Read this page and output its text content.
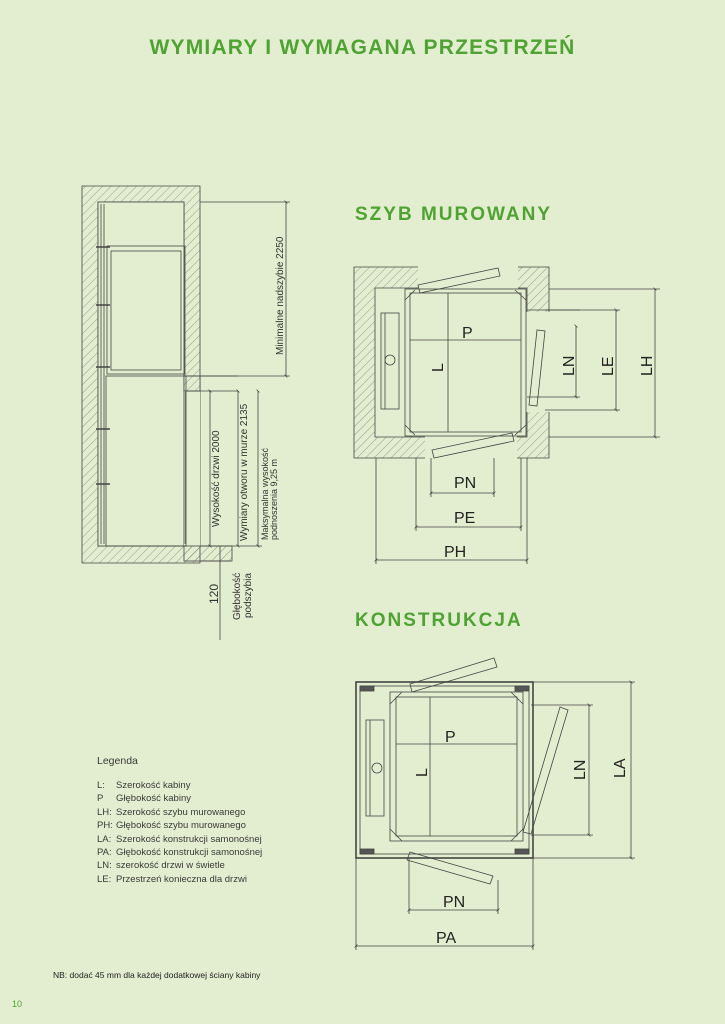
WYMIARY I WYMAGANA PRZESTRZEŃ
SZYB MUROWANY
KONSTRUKCJA
Minimalne nadszybie 2250
Wysokość drzwi 2000 Wymiary otworu w murze 2135 Maksymalna wysokość podnoszenia 9,25 m
120 Głębokość podszybia
P
L	LN LE LH
PN
PE
PH
P
L	LN LA
PN
PA
Legenda
L:	Szerokość kabiny
P	Głębokość kabiny
LH: Szerokość szybu murowanego
PH: Głębokość szybu murowanego
LA: Szerokość konstrukcji samonośnej
PA: Głębokość konstrukcji samonośnej
LN: szerokość drzwi w świetle
LE: Przestrzeń konieczna dla drzwi
NB: dodać 45 mm dla każdej dodatkowej ściany kabiny
10
